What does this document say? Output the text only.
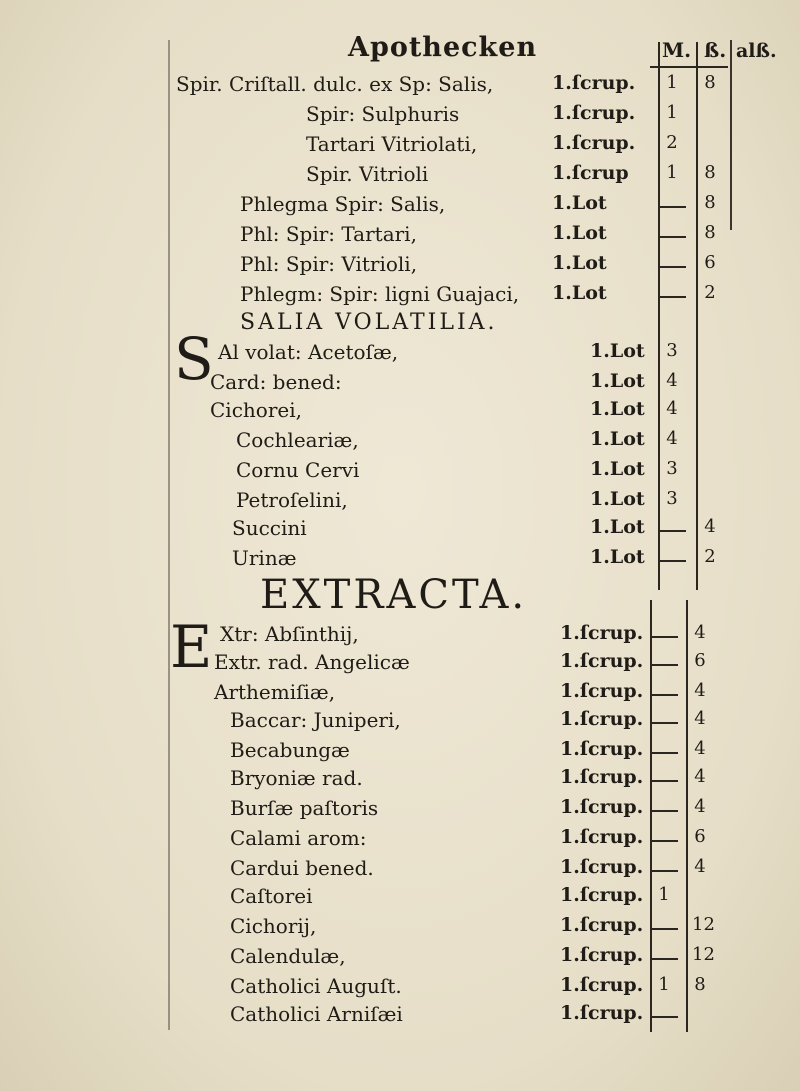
Apothecken	M. ß. alß.
SALIA VOLATILIA.
EXTRACTA.
S
E
Spir. Criſtall. dulc. ex Sp: Salis,	1.ſcrup. 1 8
Spir: Sulphuris	1.ſcrup. 1
Tartari Vitriolati,	1.ſcrup. 2
Spir. Vitrioli	1.ſcrup 1 8
Phlegma Spir: Salis,	1.Lot	8
Phl: Spir: Tartari,	1.Lot	8
Phl: Spir: Vitrioli,	1.Lot	6
Phlegm: Spir: ligni Guajaci, 1.Lot	2
Al volat: Acetoſæ,	1.Lot 3
Card: bened:	1.Lot 4
Cichorei,	1.Lot 4
Cochleariæ,	1.Lot 4
Cornu Cervi	1.Lot 3
Petroſelini,	1.Lot 3
Succini	1.Lot	4
Urinæ	1.Lot	2
Xtr: Abſinthij,	1.ſcrup.	4
Extr. rad. Angelicæ	1.ſcrup.	6
Arthemiſiæ,	1.ſcrup.	4
Baccar: Juniperi,	1.ſcrup.	4
Becabungæ	1.ſcrup.	4
Bryoniæ rad.	1.ſcrup.	4
Burſæ paſtoris	1.ſcrup.	4
Calami arom:	1.ſcrup.	6
Cardui bened.	1.ſcrup.	4
Caſtorei	1.ſcrup. 1
Cichorij,	1.ſcrup.	12
Calendulæ,	1.ſcrup.	12
Catholici Auguſt.	1.ſcrup. 1 8
Catholici Arniſæi	1.ſcrup.
